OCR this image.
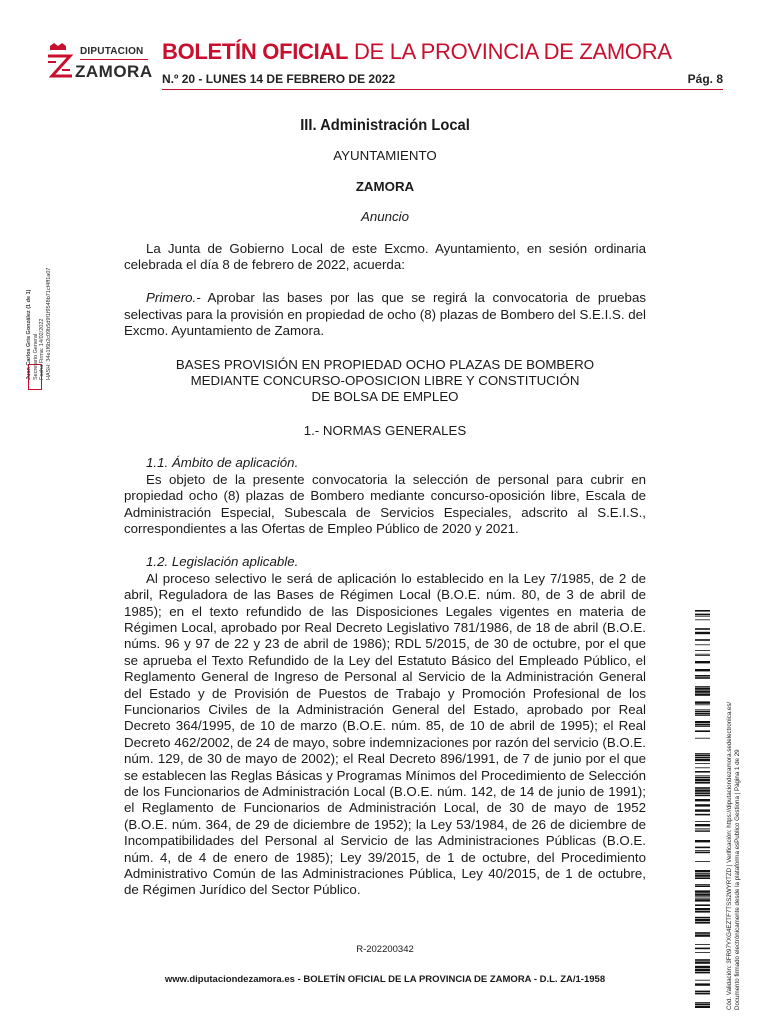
DIPUTACION
ZAMORA
BOLETÍN OFICIAL DE LA PROVINCIA DE ZAMORA
N.º 20 - LUNES 14 DE FEBRERO DE 2022	Pág. 8
Juan Carlos Gris González (1 de 1) Secretario General Fecha Firma: 14/02/2022 HASH: 34e1f6b2c09b5d9f1f9548b71cf4ff1a07
III. Administración Local
AYUNTAMIENTO
ZAMORA
Anuncio

La Junta de Gobierno Local de este Excmo. Ayuntamiento, en sesión ordinaria celebrada el día 8 de febrero de 2022, acuerda:

Primero.- Aprobar las bases por las que se regirá la convocatoria de pruebas selectivas para la provisión en propiedad de ocho (8) plazas de Bombero del S.E.I.S. del Excmo. Ayuntamiento de Zamora.

BASES PROVISIÓN EN PROPIEDAD OCHO PLAZAS DE BOMBERO
MEDIANTE CONCURSO-OPOSICION LIBRE Y CONSTITUCIÓN
DE BOLSA DE EMPLEO
1.- NORMAS GENERALES

1.1. Ámbito de aplicación.

Es objeto de la presente convocatoria la selección de personal para cubrir en propiedad ocho (8) plazas de Bombero mediante concurso-oposición libre, Escala de Administración Especial, Subescala de Servicios Especiales, adscrito al S.E.I.S., correspondientes a las Ofertas de Empleo Público de 2020 y 2021.

1.2. Legislación aplicable.

Al proceso selectivo le será de aplicación lo establecido en la Ley 7/1985, de 2 de abril, Reguladora de las Bases de Régimen Local (B.O.E. núm. 80, de 3 de abril de 1985); en el texto refundido de las Disposiciones Legales vigentes en materia de Régimen Local, aprobado por Real Decreto Legislativo 781/1986, de 18 de abril (B.O.E. núms. 96 y 97 de 22 y 23 de abril de 1986); RDL 5/2015, de 30 de octubre, por el que se aprueba el Texto Refundido de la Ley del Estatuto Básico del Empleado Público, el Reglamento General de Ingreso de Personal al Servicio de la Administración General del Estado y de Provisión de Puestos de Trabajo y Promoción Profesional de los Funcionarios Civiles de la Administración General del Estado, aprobado por Real Decreto 364/1995, de 10 de marzo (B.O.E. núm. 85, de 10 de abril de 1995); el Real Decreto 462/2002, de 24 de mayo, sobre indemnizaciones por razón del servicio (B.O.E. núm. 129, de 30 de mayo de 2002); el Real Decreto 896/1991, de 7 de junio por el que se establecen las Reglas Básicas y Programas Mínimos del Procedimiento de Selección de los Funcionarios de Administración Local (B.O.E. núm. 142, de 14 de junio de 1991); el Reglamento de Funcionarios de Administración Local, de 30 de mayo de 1952 (B.O.E. núm. 364, de 29 de diciembre de 1952); la Ley 53/1984, de 26 de diciembre de Incompatibilidades del Personal al Servicio de las Administraciones Públicas (B.O.E. núm. 4, de 4 de enero de 1985); Ley 39/2015, de 1 de octubre, del Procedimiento Administrativo Común de las Administraciones Pública, Ley 40/2015, de 1 de octubre, de Régimen Jurídico del Sector Público.

R-202200342
www.diputaciondezamora.es - BOLETÍN OFICIAL DE LA PROVINCIA DE ZAMORA - D.L. ZA/1-1958	Cód. Validación: 3FR97YXG4EZTF7TSS2WYRTZD | Verificación: https://diputaciondezamora.sedelectronica.es/ Documento firmado electrónicamente desde la plataforma esPublico Gestiona | Página 1 de 29
